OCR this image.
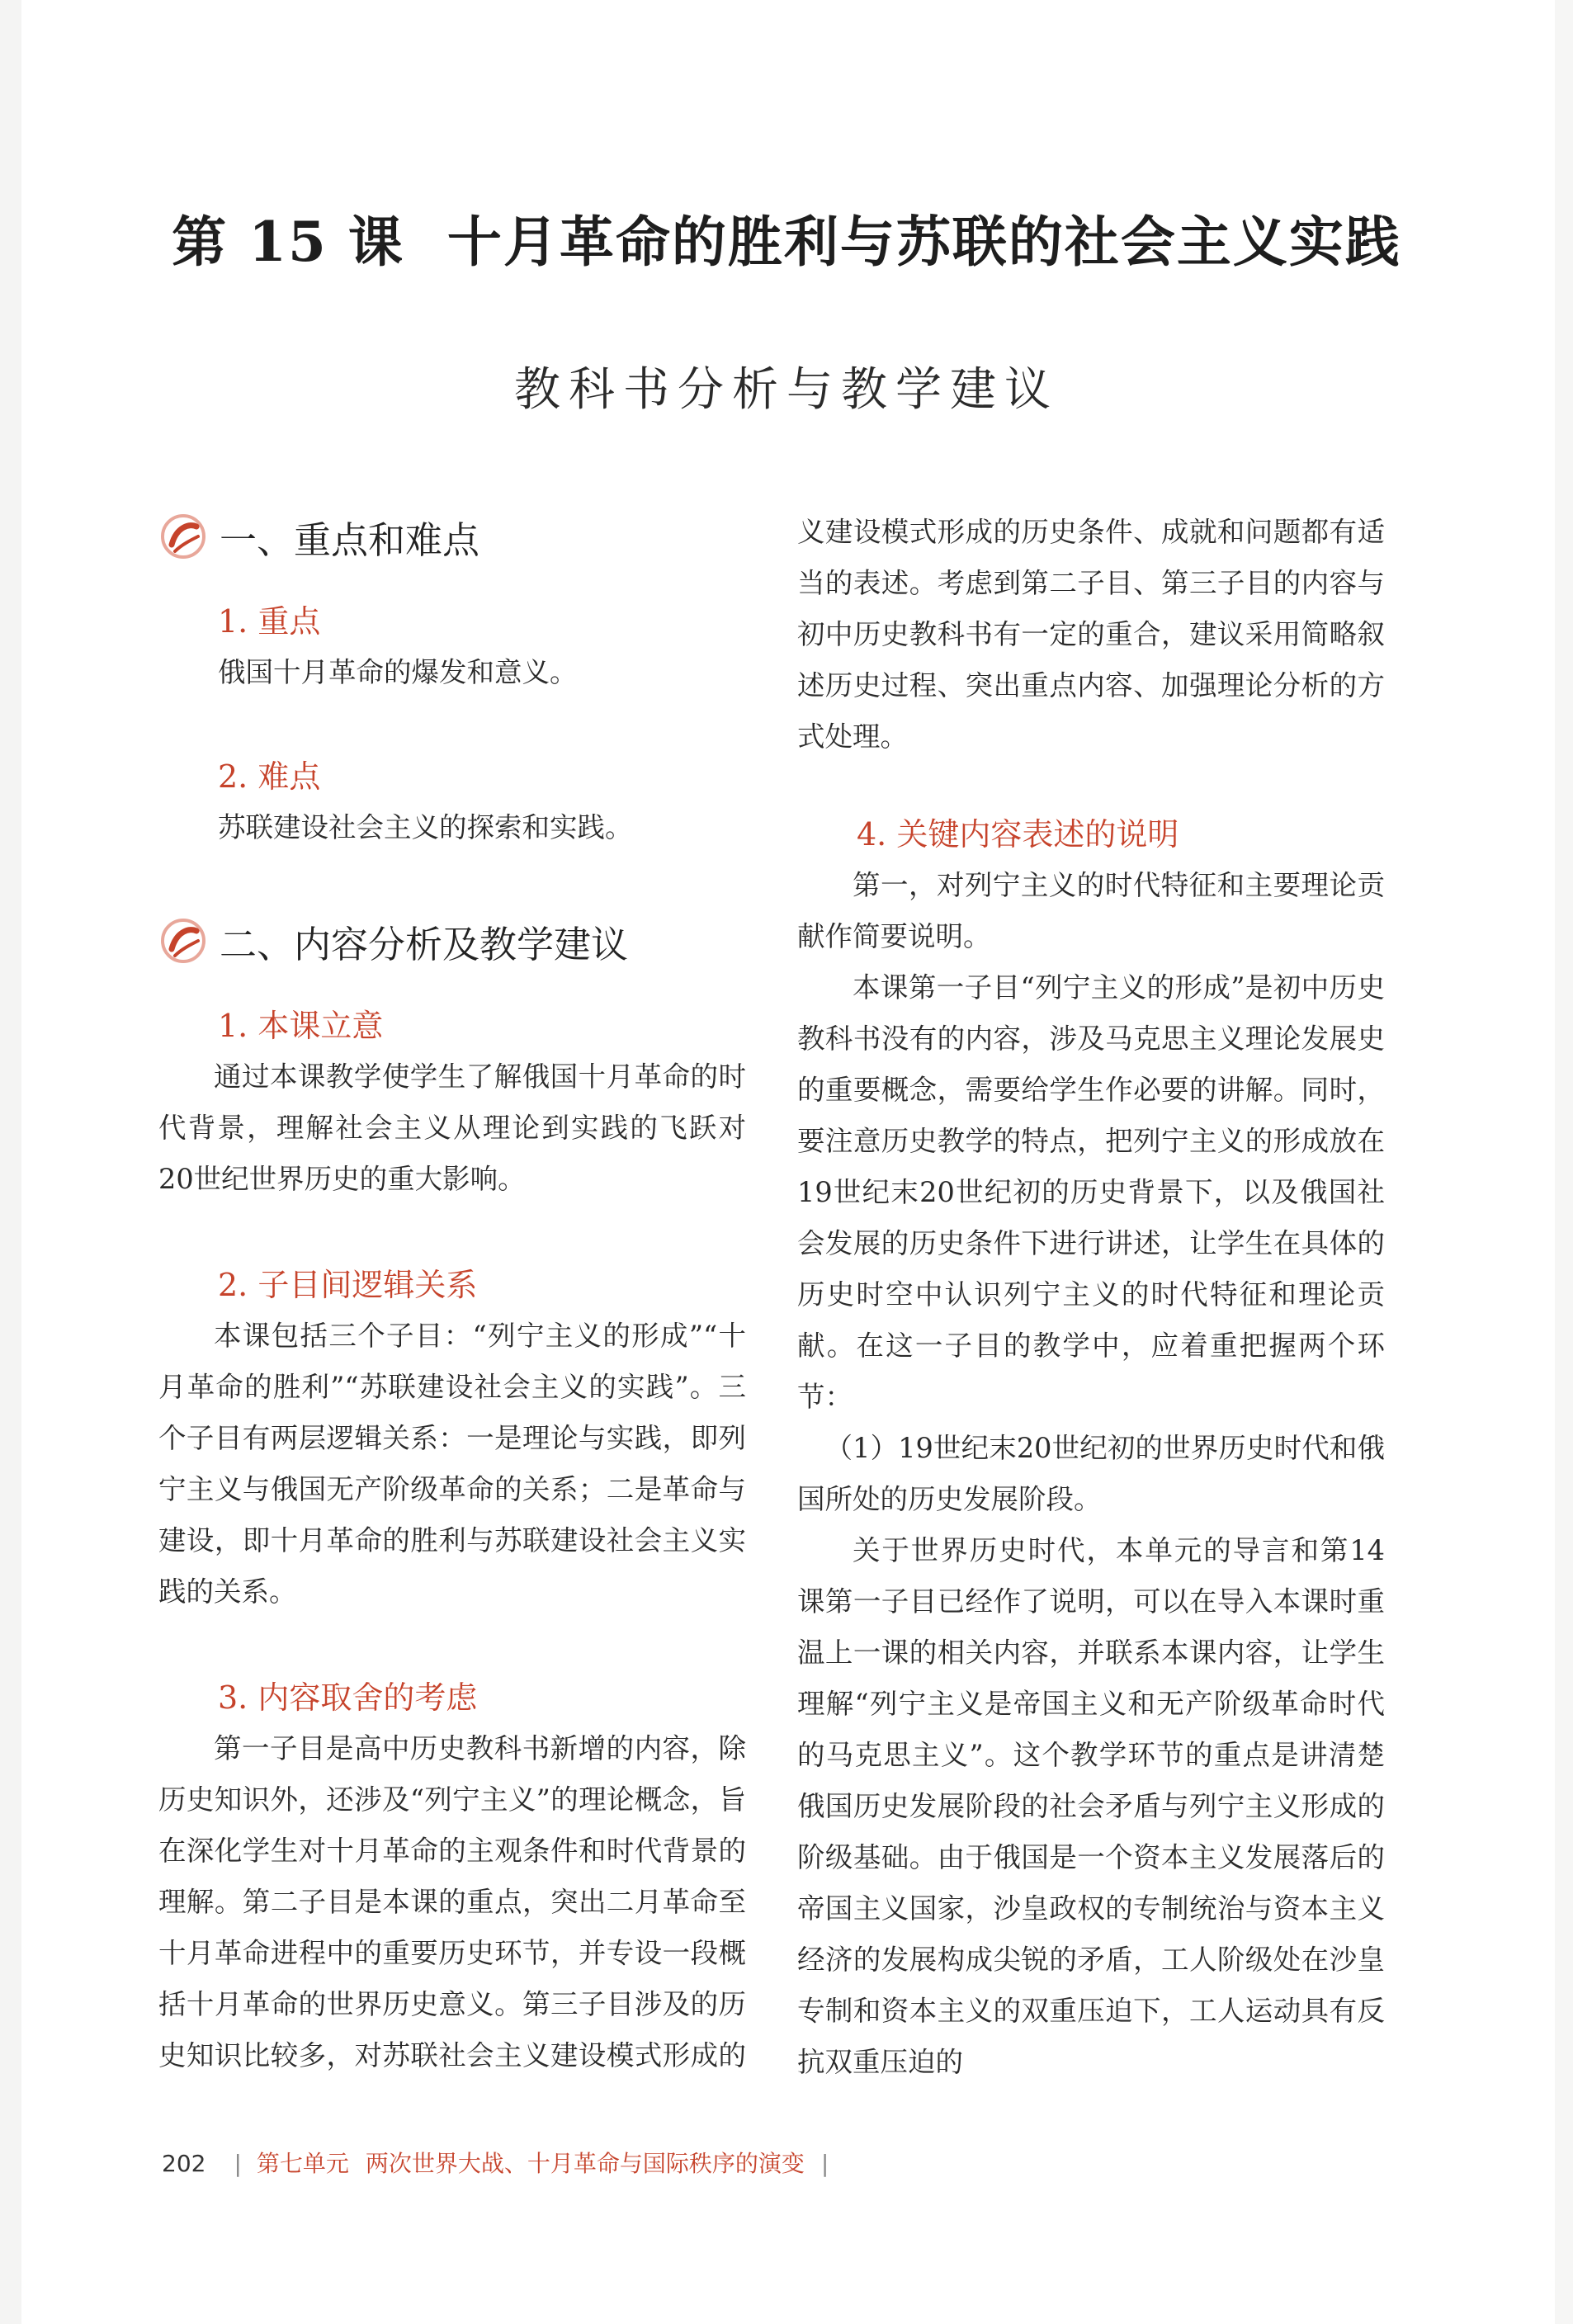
第 15 课 十月革命的胜利与苏联的社会主义实践
教科书分析与教学建议
一、重点和难点
1. 重点

俄国十月革命的爆发和意义。

2. 难点

苏联建设社会主义的探索和实践。

二、内容分析及教学建议
1. 本课立意

通过本课教学使学生了解俄国十月革命的时代背景，理解社会主义从理论到实践的飞跃对20世纪世界历史的重大影响。

2. 子目间逻辑关系

本课包括三个子目：“列宁主义的形成”“十月革命的胜利”“苏联建设社会主义的实践”。三个子目有两层逻辑关系：一是理论与实践，即列宁主义与俄国无产阶级革命的关系；二是革命与建设，即十月革命的胜利与苏联建设社会主义实践的关系。

3. 内容取舍的考虑

第一子目是高中历史教科书新增的内容，除历史知识外，还涉及“列宁主义”的理论概念，旨在深化学生对十月革命的主观条件和时代背景的理解。第二子目是本课的重点，突出二月革命至十月革命进程中的重要历史环节，并专设一段概括十月革命的世界历史意义。第三子目涉及的历史知识比较多，对苏联社会主义建设模式形成的

义建设模式形成的历史条件、成就和问题都有适当的表述。考虑到第二子目、第三子目的内容与初中历史教科书有一定的重合，建议采用简略叙述历史过程、突出重点内容、加强理论分析的方式处理。

4. 关键内容表述的说明

第一，对列宁主义的时代特征和主要理论贡献作简要说明。

本课第一子目“列宁主义的形成”是初中历史教科书没有的内容，涉及马克思主义理论发展史的重要概念，需要给学生作必要的讲解。同时，要注意历史教学的特点，把列宁主义的形成放在19世纪末20世纪初的历史背景下，以及俄国社会发展的历史条件下进行讲述，让学生在具体的历史时空中认识列宁主义的时代特征和理论贡献。在这一子目的教学中，应着重把握两个环节：

（1）19世纪末20世纪初的世界历史时代和俄国所处的历史发展阶段。

关于世界历史时代，本单元的导言和第14课第一子目已经作了说明，可以在导入本课时重温上一课的相关内容，并联系本课内容，让学生理解“列宁主义是帝国主义和无产阶级革命时代的马克思主义”。这个教学环节的重点是讲清楚俄国历史发展阶段的社会矛盾与列宁主义形成的阶级基础。由于俄国是一个资本主义发展落后的帝国主义国家，沙皇政权的专制统治与资本主义经济的发展构成尖锐的矛盾，工人阶级处在沙皇专制和资本主义的双重压迫下，工人运动具有反抗双重压迫的

202 | 第七单元 两次世界大战、十月革命与国际秩序的演变 |
